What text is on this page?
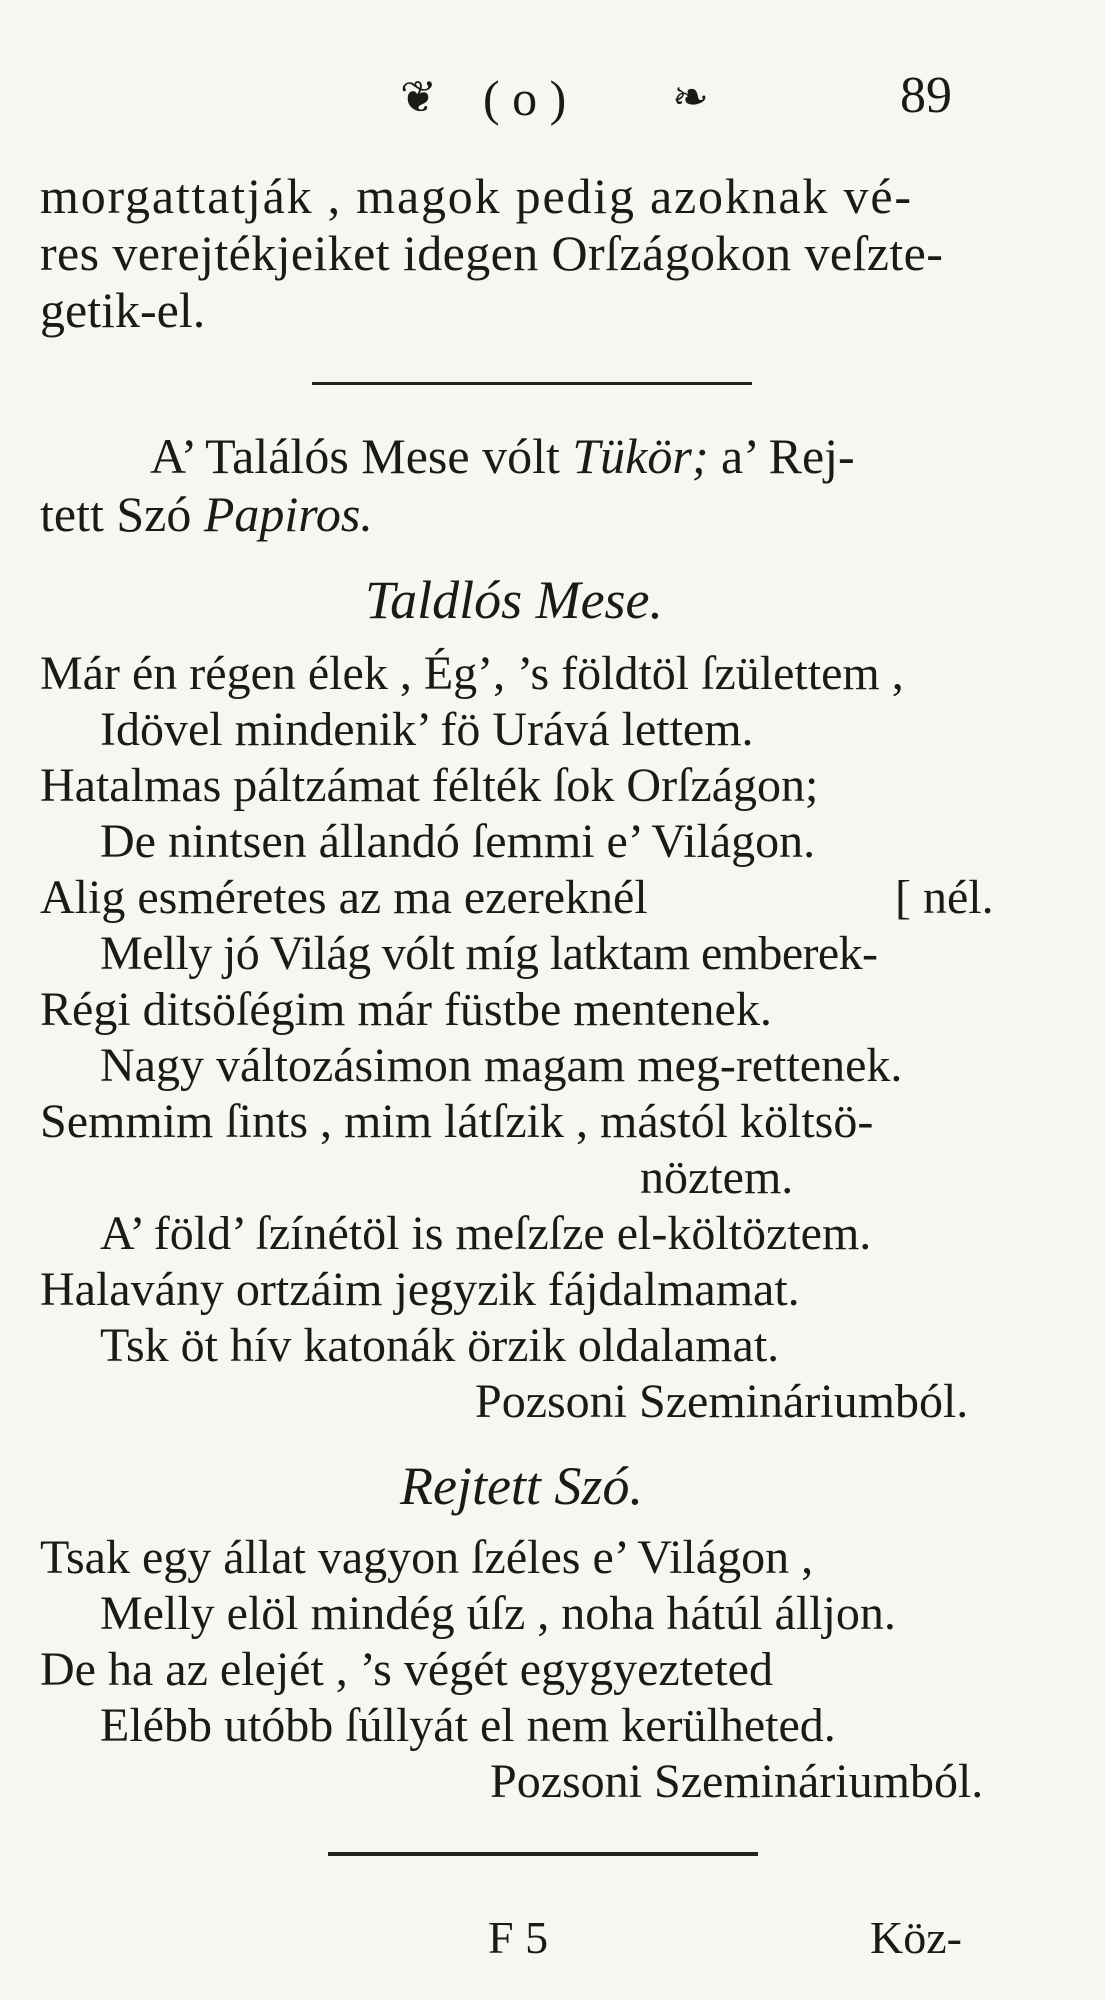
❦ ( o ) ❧	89
morgattatják , magok pedig azoknak vé-
res verejtékjeiket idegen Orſzágokon veſzte-
getik-el.
A’ Találós Mese vólt Tükör; a’ Rej-
tett Szó Papiros.
Taldlós Mese.
Már én régen élek , Ég’, ’s földtöl ſzülettem ,
Idövel mindenik’ fö Urává lettem.
Hatalmas páltzámat félték ſok Orſzágon;
De nintsen állandó ſemmi e’ Világon.
Alig esméretes az ma ezereknél	[ nél.
Melly jó Világ vólt míg latktam emberek-
Régi ditsöſégim már füstbe mentenek.
Nagy változásimon magam meg-rettenek.
Semmim ſints , mim látſzik , mástól költsö-
nöztem.
A’ föld’ ſzínétöl is meſzſze el-költöztem.
Halavány ortzáim jegyzik fájdalmamat.
Tsk öt hív katonák örzik oldalamat.
Pozsoni Szemináriumból.
Rejtett Szó.
Tsak egy állat vagyon ſzéles e’ Világon ,
Melly elöl mindég úſz , noha hátúl álljon.
De ha az elejét , ’s végét egygyezteted
Elébb utóbb ſúllyát el nem kerülheted.
Pozsoni Szemináriumból.
F 5	Köz-
